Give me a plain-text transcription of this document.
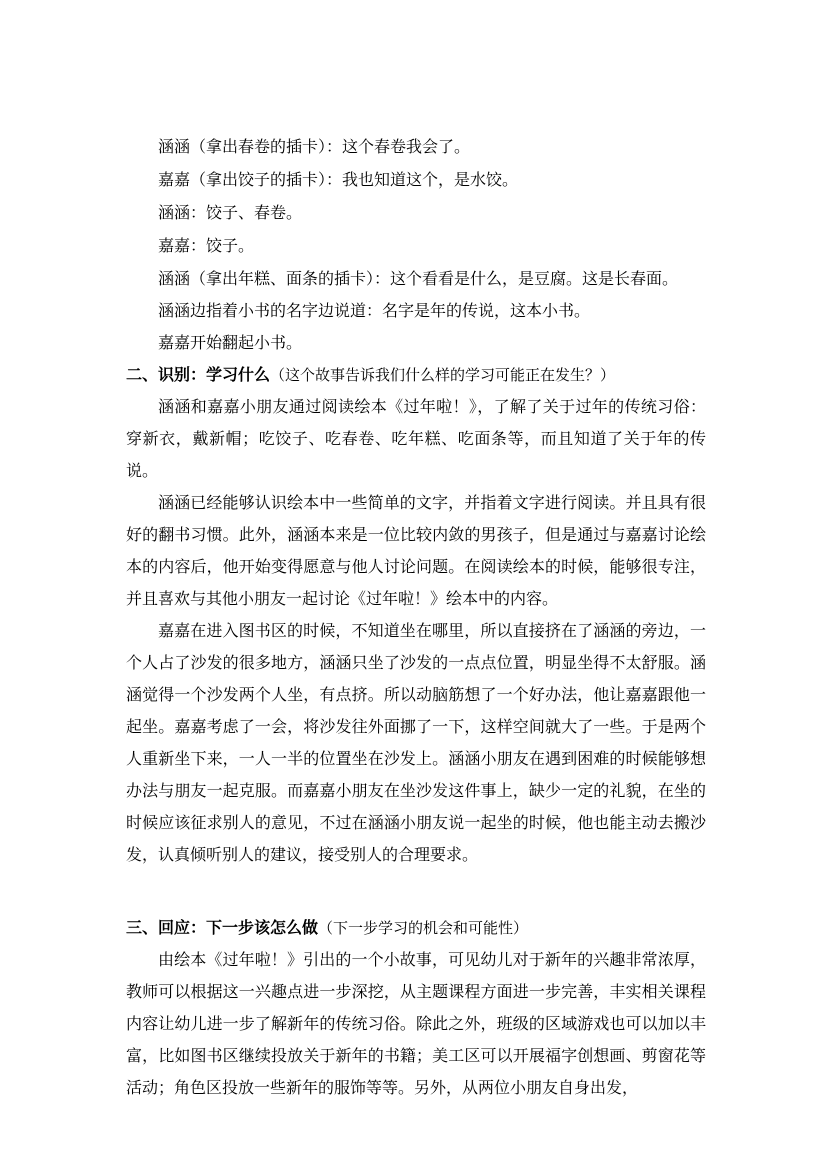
涵涵（拿出春卷的插卡）：这个春卷我会了。

嘉嘉（拿出饺子的插卡）：我也知道这个，是水饺。

涵涵：饺子、春卷。

嘉嘉：饺子。

涵涵（拿出年糕、面条的插卡）：这个看看是什么，是豆腐。这是长春面。

涵涵边指着小书的名字边说道：名字是年的传说，这本小书。

嘉嘉开始翻起小书。

二、识别：学习什么（这个故事告诉我们什么样的学习可能正在发生？）

涵涵和嘉嘉小朋友通过阅读绘本《过年啦！》，了解了关于过年的传统习俗：穿新衣，戴新帽；吃饺子、吃春卷、吃年糕、吃面条等，而且知道了关于年的传说。

涵涵已经能够认识绘本中一些简单的文字，并指着文字进行阅读。并且具有很好的翻书习惯。此外，涵涵本来是一位比较内敛的男孩子，但是通过与嘉嘉讨论绘本的内容后，他开始变得愿意与他人讨论问题。在阅读绘本的时候，能够很专注，并且喜欢与其他小朋友一起讨论《过年啦！》绘本中的内容。

嘉嘉在进入图书区的时候，不知道坐在哪里，所以直接挤在了涵涵的旁边，一个人占了沙发的很多地方，涵涵只坐了沙发的一点点位置，明显坐得不太舒服。涵涵觉得一个沙发两个人坐，有点挤。所以动脑筋想了一个好办法，他让嘉嘉跟他一起坐。嘉嘉考虑了一会，将沙发往外面挪了一下，这样空间就大了一些。于是两个人重新坐下来，一人一半的位置坐在沙发上。涵涵小朋友在遇到困难的时候能够想办法与朋友一起克服。而嘉嘉小朋友在坐沙发这件事上，缺少一定的礼貌，在坐的时候应该征求别人的意见，不过在涵涵小朋友说一起坐的时候，他也能主动去搬沙发，认真倾听别人的建议，接受别人的合理要求。

三、回应：下一步该怎么做（下一步学习的机会和可能性）

由绘本《过年啦！》引出的一个小故事，可见幼儿对于新年的兴趣非常浓厚，教师可以根据这一兴趣点进一步深挖，从主题课程方面进一步完善，丰实相关课程内容让幼儿进一步了解新年的传统习俗。除此之外，班级的区域游戏也可以加以丰富，比如图书区继续投放关于新年的书籍；美工区可以开展福字创想画、剪窗花等活动；角色区投放一些新年的服饰等等。另外，从两位小朋友自身出发，
